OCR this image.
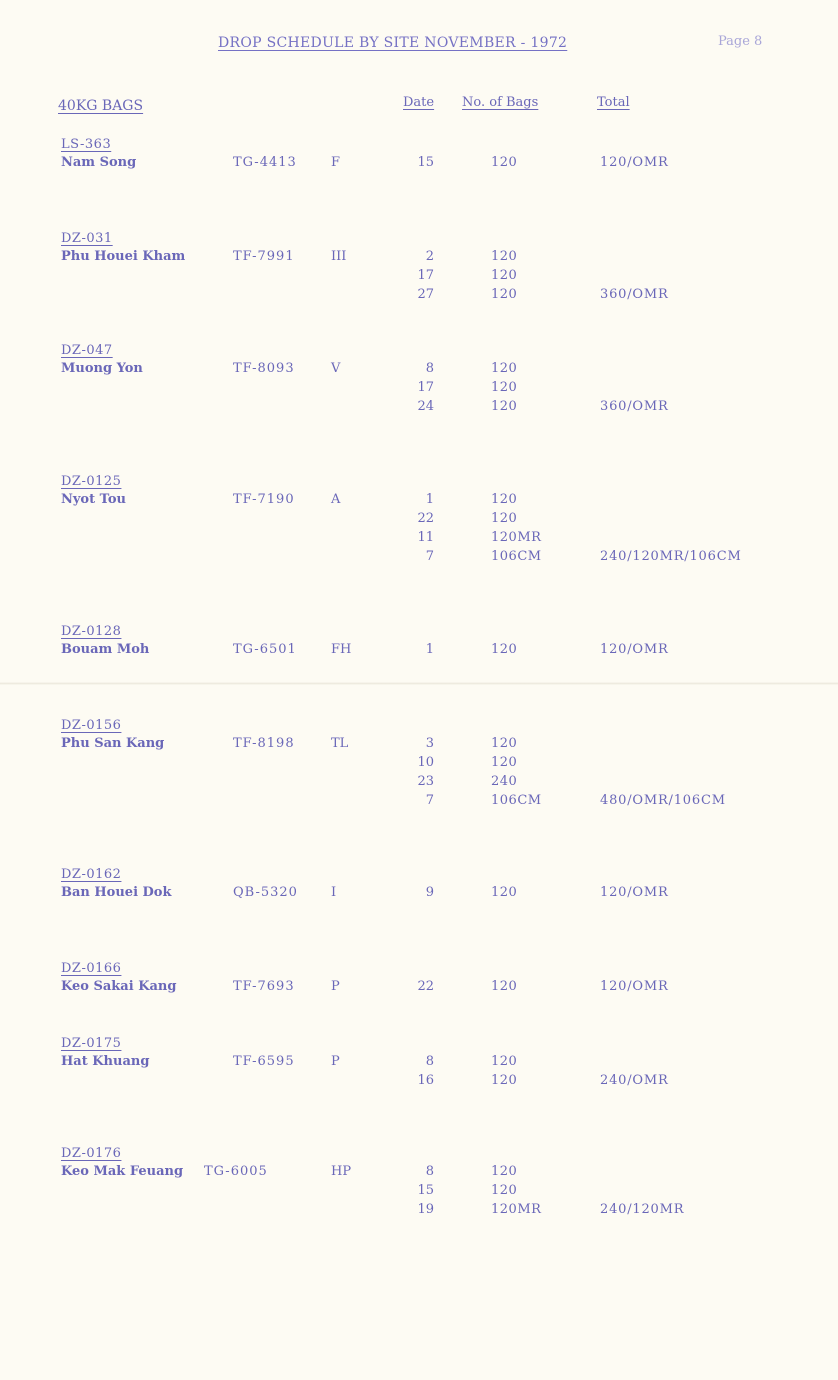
DROP SCHEDULE BY SITE NOVEMBER - 1972	Page 8
40KG BAGS	Date No. of Bags	Total
LS-363
Nam Song	TG-4413	F	15	120	120/OMR
DZ-031
Phu Houei Kham	TF-7991	III	2	120
17	120
27	120	360/OMR
DZ-047
Muong Yon	TF-8093	V	8	120
17	120
24	120	360/OMR
DZ-0125
Nyot Tou	TF-7190	A	1	120
22	120
11	120MR
7	106CM	240/120MR/106CM
DZ-0128
Bouam Moh	TG-6501	FH	1	120	120/OMR
DZ-0156
Phu San Kang	TF-8198	TL	3	120
10	120
23	240
7	106CM	480/OMR/106CM
DZ-0162
Ban Houei Dok	QB-5320	I	9	120	120/OMR
DZ-0166
Keo Sakai Kang	TF-7693	P	22	120	120/OMR
DZ-0175
Hat Khuang	TF-6595	P	8	120
16	120	240/OMR
DZ-0176
Keo Mak Feuang TG-6005	HP	8	120
15	120
19	120MR	240/120MR
